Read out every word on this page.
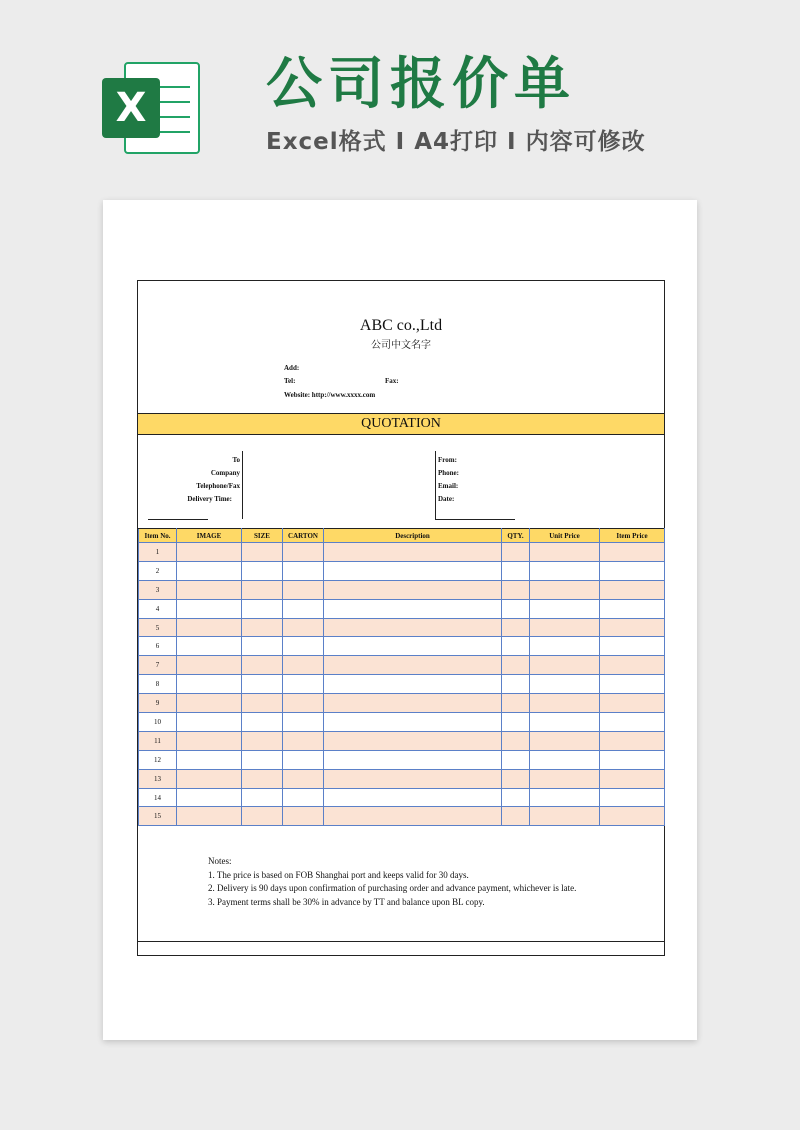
X 公司报价单
Excel格式 I A4打印 I 内容可修改
ABC co.,Ltd
公司中文名字
Add:
Tel:	Fax:
Website: http://www.xxxx.com
QUOTATION
To
Company
Telephone/Fax
Delivery Time:
From:
Phone:
Email:
Date:
Item No.	IMAGE	SIZE	CARTON	Description	QTY.	Unit Price	Item Price
1							
2							
3							
4							
5							
6							
7							
8							
9							
10							
11							
12							
13							
14							
15							
Notes:
1. The price is based on FOB Shanghai port and keeps valid for 30 days.
2. Delivery is 90 days upon confirmation of purchasing order and advance payment, whichever is late.
3. Payment terms shall be 30% in advance by TT and balance upon BL copy.
